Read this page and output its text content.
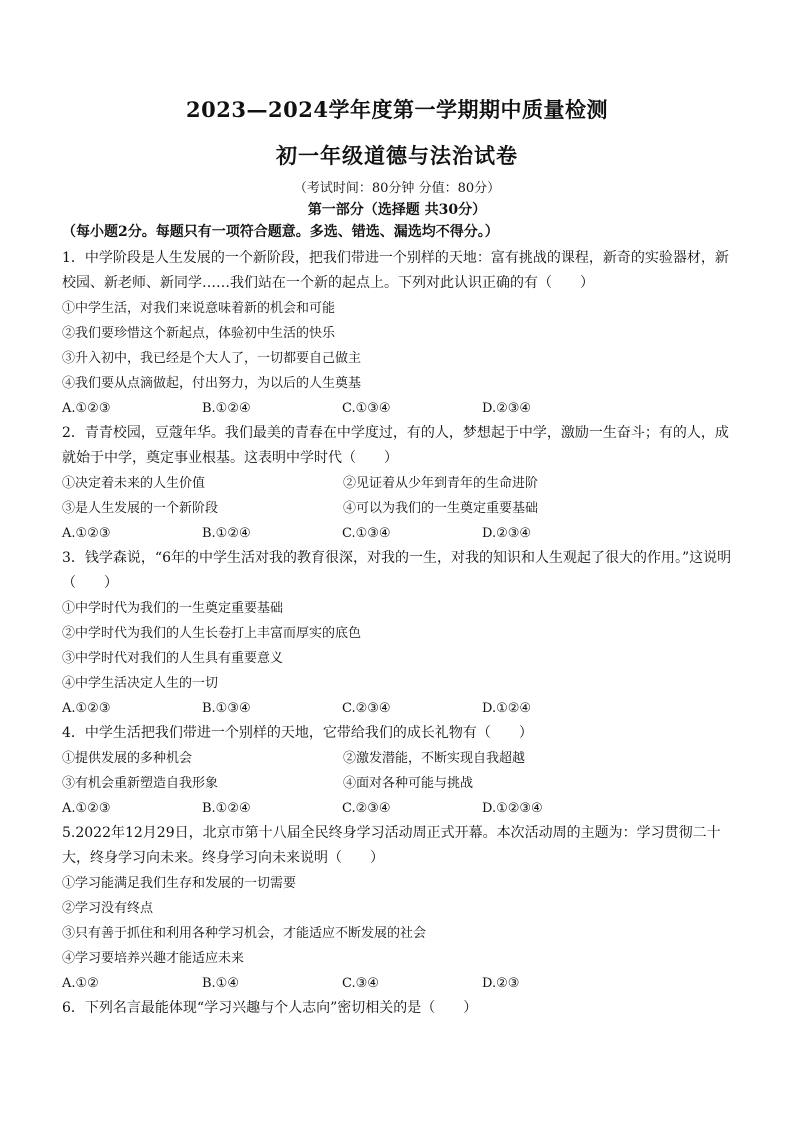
2023—2024学年度第一学期期中质量检测
初一年级道德与法治试卷
（考试时间：80分钟 分值：80分）
第一部分（选择题 共30分）
（每小题2分。每题只有一项符合题意。多选、错选、漏选均不得分。）

1．中学阶段是人生发展的一个新阶段，把我们带进一个别样的天地：富有挑战的课程，新奇的实验器材，新校园、新老师、新同学……我们站在一个新的起点上。下列对此认识正确的有（　　）

①中学生活，对我们来说意味着新的机会和可能
②我们要珍惜这个新起点，体验初中生活的快乐
③升入初中，我已经是个大人了，一切都要自己做主
④我们要从点滴做起，付出努力，为以后的人生奠基
A.①②③	B.①②④	C.①③④	D.②③④

2．青青校园，豆蔻年华。我们最美的青春在中学度过，有的人，梦想起于中学，激励一生奋斗；有的人，成就始于中学，奠定事业根基。这表明中学时代（　　）

①决定着未来的人生价值	②见证着从少年到青年的生命进阶
③是人生发展的一个新阶段	④可以为我们的一生奠定重要基础
A.①②③	B.①②④	C.①③④	D.②③④

3．钱学森说，“6年的中学生活对我的教育很深，对我的一生，对我的知识和人生观起了很大的作用。”这说明（　　）

①中学时代为我们的一生奠定重要基础
②中学时代为我们的人生长卷打上丰富而厚实的底色
③中学时代对我们的人生具有重要意义
④中学生活决定人生的一切
A.①②③	B.①③④	C.②③④	D.①②④

4．中学生活把我们带进一个别样的天地，它带给我们的成长礼物有（　　）

①提供发展的多种机会	②激发潜能，不断实现自我超越
③有机会重新塑造自我形象	④面对各种可能与挑战
A.①②③	B.①②④	C.②③④	D.①②③④

5.2022年12月29日，北京市第十八届全民终身学习活动周正式开幕。本次活动周的主题为：学习贯彻二十大，终身学习向未来。终身学习向未来说明（　　）

①学习能满足我们生存和发展的一切需要
②学习没有终点
③只有善于抓住和利用各种学习机会，才能适应不断发展的社会
④学习要培养兴趣才能适应未来
A.①②	B.①④	C.③④	D.②③

6．下列名言最能体现“学习兴趣与个人志向”密切相关的是（　　）
